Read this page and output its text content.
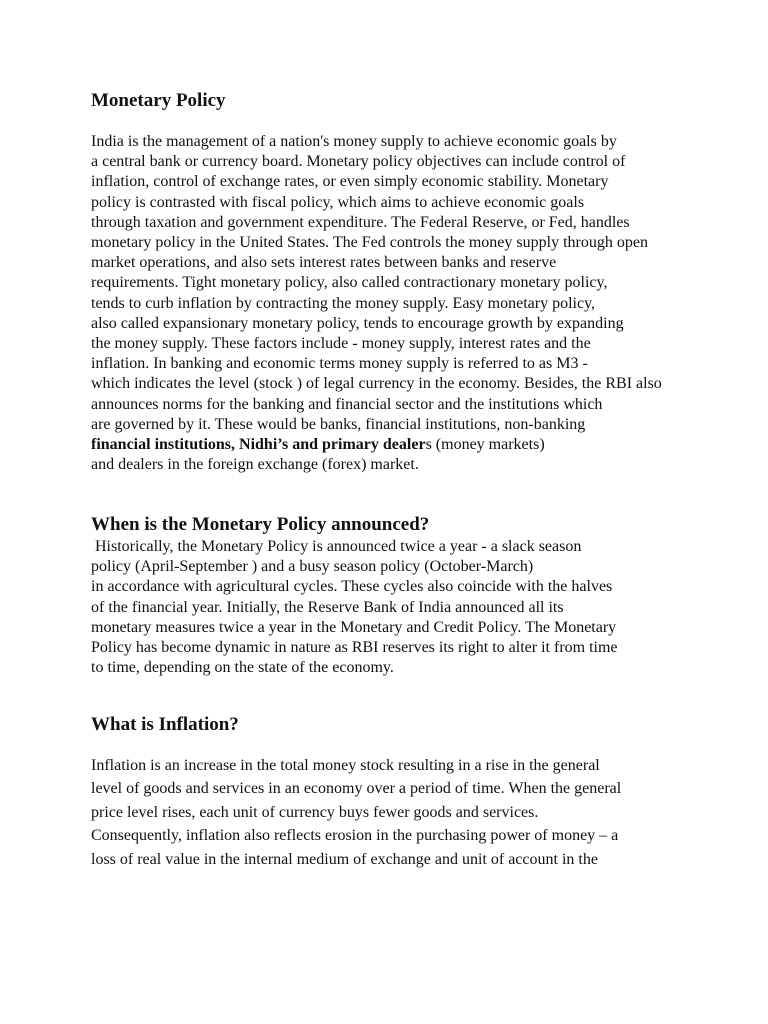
Monetary Policy
India is the management of a nation's money supply to achieve economic goals by
a central bank or currency board. Monetary policy objectives can include control of
inflation, control of exchange rates, or even simply economic stability. Monetary
policy is contrasted with fiscal policy, which aims to achieve economic goals
through taxation and government expenditure. The Federal Reserve, or Fed, handles
monetary policy in the United States. The Fed controls the money supply through open
market operations, and also sets interest rates between banks and reserve
requirements. Tight monetary policy, also called contractionary monetary policy,
tends to curb inflation by contracting the money supply. Easy monetary policy,
also called expansionary monetary policy, tends to encourage growth by expanding
the money supply. These factors include - money supply, interest rates and the
inflation. In banking and economic terms money supply is referred to as M3 -
which indicates the level (stock ) of legal currency in the economy. Besides, the RBI also
announces norms for the banking and financial sector and the institutions which
are governed by it. These would be banks, financial institutions, non-banking
financial institutions, Nidhi’s and primary dealers (money markets)
and dealers in the foreign exchange (forex) market.
When is the Monetary Policy announced?
Historically, the Monetary Policy is announced twice a year - a slack season
policy (April-September ) and a busy season policy (October-March)
in accordance with agricultural cycles. These cycles also coincide with the halves
of the financial year. Initially, the Reserve Bank of India announced all its
monetary measures twice a year in the Monetary and Credit Policy. The Monetary
Policy has become dynamic in nature as RBI reserves its right to alter it from time
to time, depending on the state of the economy.
What is Inflation?
Inflation is an increase in the total money stock resulting in a rise in the general
level of goods and services in an economy over a period of time. When the general
price level rises, each unit of currency buys fewer goods and services.
Consequently, inflation also reflects erosion in the purchasing power of money – a
loss of real value in the internal medium of exchange and unit of account in the
